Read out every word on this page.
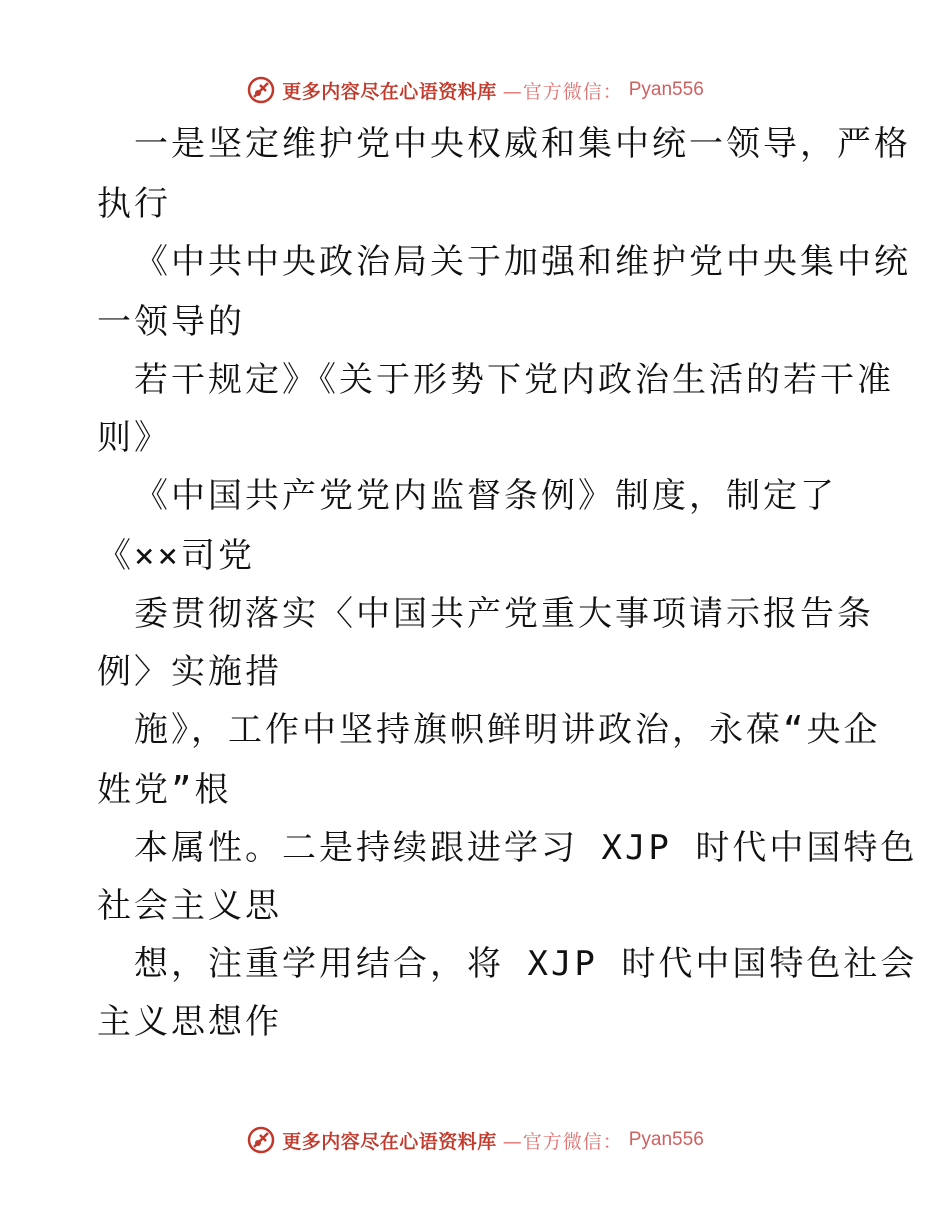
更多内容尽在心语资料库 —官方微信： Pyan556
一是坚定维护党中央权威和集中统一领导，严格
执行
《中共中央政治局关于加强和维护党中央集中统
一领导的
若干规定》《关于形势下党内政治生活的若干准
则》
《中国共产党党内监督条例》制度，制定了
《××司党
委贯彻落实〈中国共产党重大事项请示报告条
例〉实施措
施》，工作中坚持旗帜鲜明讲政治，永葆“央企
姓党”根
本属性。二是持续跟进学习 XJP 时代中国特色
社会主义思
想，注重学用结合，将 XJP 时代中国特色社会
主义思想作
更多内容尽在心语资料库 —官方微信： Pyan556
